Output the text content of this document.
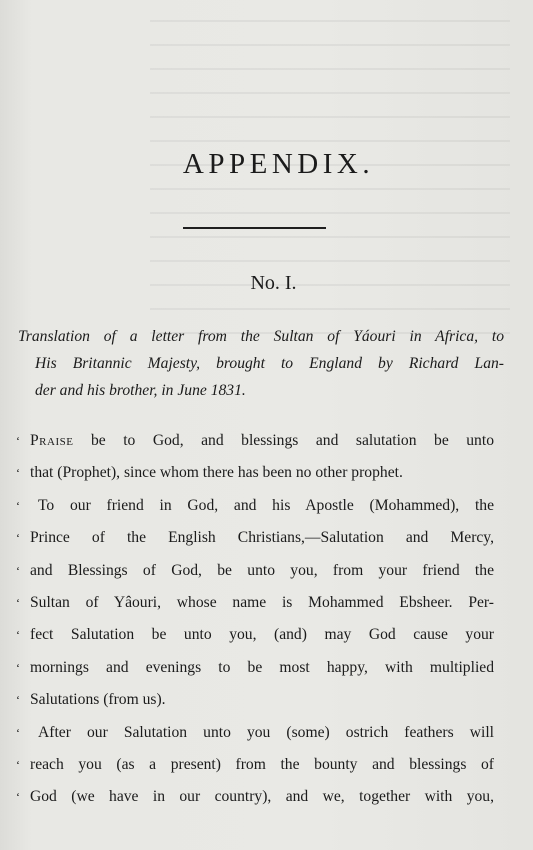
APPENDIX.
No. I.
Translation of a letter from the Sultan of Yáouri in Africa, to
His Britannic Majesty, brought to England by Richard Lan-
der and his brother, in June 1831.
‘ Praise be to God, and blessings and salutation be unto
‘ that (Prophet), since whom there has been no other prophet.
‘	To our friend in God, and his Apostle (Mohammed), the
‘ Prince of the English Christians,—Salutation and Mercy,
‘ and Blessings of God, be unto you, from your friend the
‘ Sultan of Yâouri, whose name is Mohammed Ebsheer. Per-
‘ fect Salutation be unto you, (and) may God cause your
‘ mornings and evenings to be most happy, with multiplied
‘ Salutations (from us).
‘	After our Salutation unto you (some) ostrich feathers will
‘ reach you (as a present) from the bounty and blessings of
‘ God (we have in our country), and we, together with you,
